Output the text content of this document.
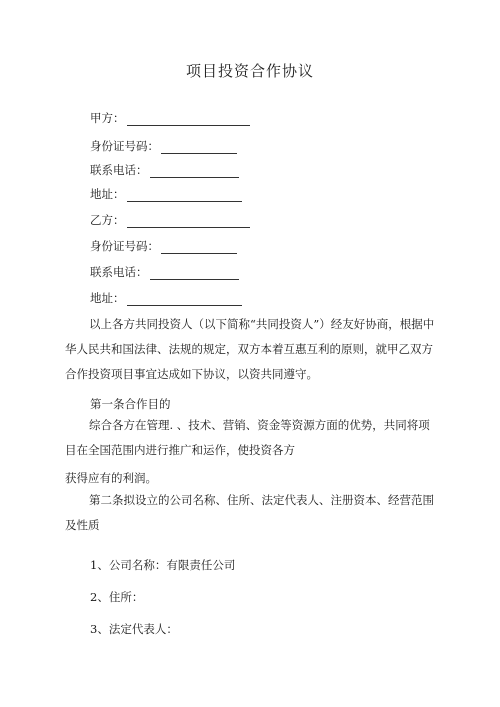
项目投资合作协议
甲方：
身份证号码：
联系电话：
地址：
乙方：
身份证号码：
联系电话：
地址：
以上各方共同投资人（以下简称“共同投资人”）经友好协商，根据中华人民共和国法律、法规的规定，双方本着互惠互利的原则，就甲乙双方合作投资项目事宜达成如下协议，以资共同遵守。
第一条合作目的
综合各方在管理. 、技术、营销、资金等资源方面的优势，共同将项目在全国范围内进行推广和运作，使投资各方
获得应有的利润。
第二条拟设立的公司名称、住所、法定代表人、注册资本、经营范围及性质
1、公司名称：有限责任公司
2、住所：
3、法定代表人：
